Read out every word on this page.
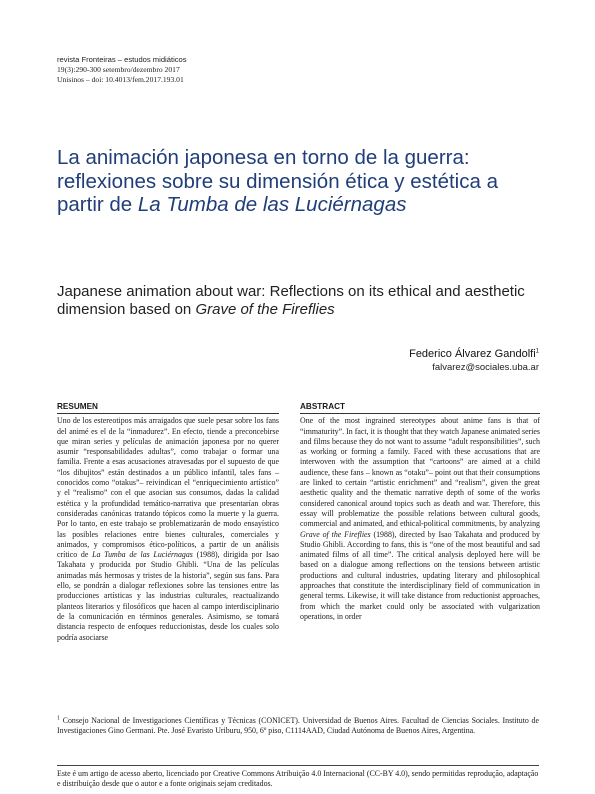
revista Fronteiras – estudos midiáticos
19(3):290-300 setembro/dezembro 2017
Unisinos – doi: 10.4013/fem.2017.193.01
La animación japonesa en torno de la guerra: reflexiones sobre su dimensión ética y estética a partir de La Tumba de las Luciérnagas
Japanese animation about war: Reflections on its ethical and aesthetic dimension based on Grave of the Fireflies
Federico Álvarez Gandolfi$^1$
falvarez@sociales.uba.ar
RESUMEN

Uno de los estereotipos más arraigados que suele pesar sobre los fans del animé es el de la “inmadurez”. En efecto, tiende a preconcebirse que miran series y películas de animación japonesa por no querer asumir “responsabilidades adultas”, como trabajar o formar una familia. Frente a esas acusaciones atravesadas por el supuesto de que “los dibujitos” están destinados a un público infantil, tales fans – conocidos como “otakus”– reivindican el “enriquecimiento artístico” y el “realismo” con el que asocian sus consumos, dadas la calidad estética y la profundidad temático-narrativa que presentarían obras consideradas canónicas tratando tópicos como la muerte y la guerra. Por lo tanto, en este trabajo se problematizarán de modo ensayístico las posibles relaciones entre bienes culturales, comerciales y animados, y compromisos ético-políticos, a partir de un análisis crítico de La Tumba de las Luciérnagas (1988), dirigida por Isao Takahata y producida por Studio Ghibli. “Una de las películas animadas más hermosas y tristes de la historia”, según sus fans. Para ello, se pondrán a dialogar reflexiones sobre las tensiones entre las producciones artísticas y las industrias culturales, reactualizando planteos literarios y filosóficos que hacen al campo interdisciplinario de la comunicación en términos generales. Asimismo, se tomará distancia respecto de enfoques reduccionistas, desde los cuales solo podría asociarse

ABSTRACT

One of the most ingrained stereotypes about anime fans is that of “immaturity”. In fact, it is thought that they watch Japanese animated series and films because they do not want to assume “adult responsibilities”, such as working or forming a family. Faced with these accusations that are interwoven with the assumption that “cartoons” are aimed at a child audience, these fans – known as “otaku”– point out that their consumptions are linked to certain “artistic enrichment” and “realism”, given the great aesthetic quality and the thematic narrative depth of some of the works considered canonical around topics such as death and war. Therefore, this essay will problematize the possible relations between cultural goods, commercial and animated, and ethical-political commitments, by analyzing Grave of the Fireflies (1988), directed by Isao Takahata and produced by Studio Ghibli. According to fans, this is “one of the most beautiful and sad animated films of all time”. The critical analysis deployed here will be based on a dialogue among reflections on the tensions between artistic productions and cultural industries, updating literary and philosophical approaches that constitute the interdisciplinary field of communication in general terms. Likewise, it will take distance from reductionist approaches, from which the market could only be associated with vulgarization operations, in order

$^1$ Consejo Nacional de Investigaciones Científicas y Técnicas (CONICET). Universidad de Buenos Aires. Facultad de Ciencias Sociales. Instituto de Investigaciones Gino Germani. Pte. José Evaristo Uriburu, 950, 6º piso, C1114AAD, Ciudad Autónoma de Buenos Aires, Argentina.
Este é um artigo de acesso aberto, licenciado por Creative Commons Atribuição 4.0 Internacional (CC-BY 4.0), sendo permitidas reprodução, adaptação e distribuição desde que o autor e a fonte originais sejam creditados.
